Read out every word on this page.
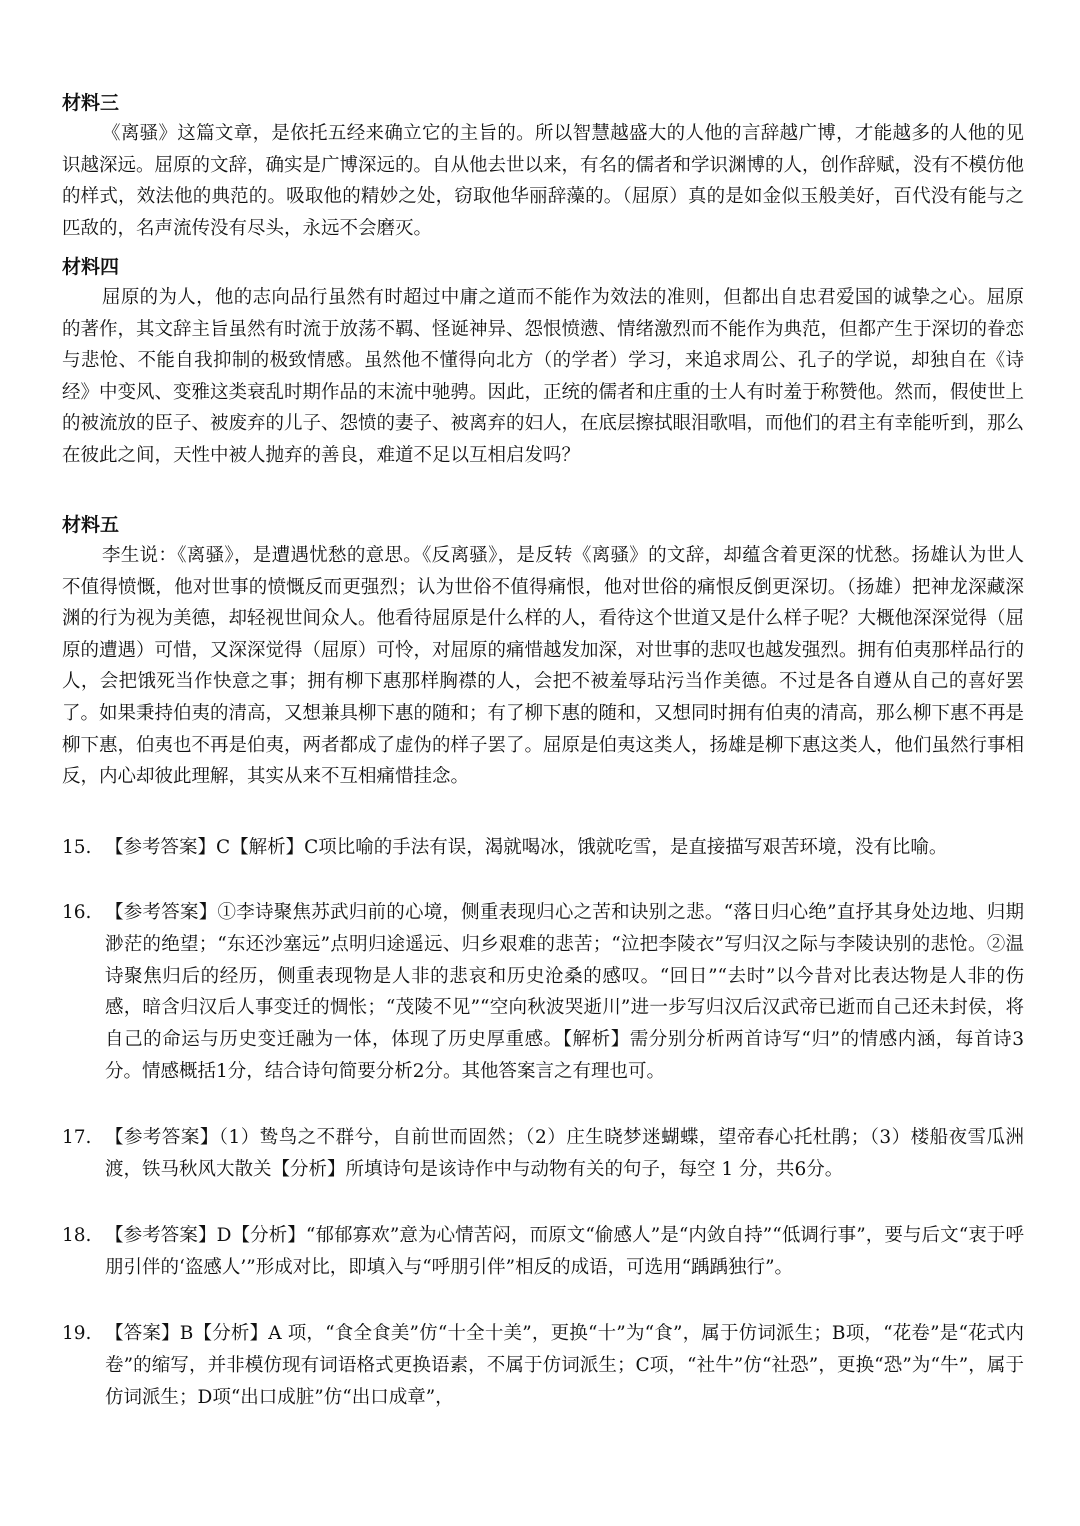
材料三

《离骚》这篇文章，是依托五经来确立它的主旨的。所以智慧越盛大的人他的言辞越广博，才能越多的人他的见识越深远。屈原的文辞，确实是广博深远的。自从他去世以来，有名的儒者和学识渊博的人，创作辞赋，没有不模仿他的样式，效法他的典范的。吸取他的精妙之处，窃取他华丽辞藻的。（屈原）真的是如金似玉般美好，百代没有能与之匹敌的，名声流传没有尽头，永远不会磨灭。

材料四

屈原的为人，他的志向品行虽然有时超过中庸之道而不能作为效法的准则，但都出自忠君爱国的诚挚之心。屈原的著作，其文辞主旨虽然有时流于放荡不羁、怪诞神异、怨恨愤懑、情绪激烈而不能作为典范，但都产生于深切的眷恋与悲怆、不能自我抑制的极致情感。虽然他不懂得向北方（的学者）学习，来追求周公、孔子的学说，却独自在《诗经》中变风、变雅这类衰乱时期作品的末流中驰骋。因此，正统的儒者和庄重的士人有时羞于称赞他。然而，假使世上的被流放的臣子、被废弃的儿子、怨愤的妻子、被离弃的妇人，在底层擦拭眼泪歌唱，而他们的君主有幸能听到，那么在彼此之间，天性中被人抛弃的善良，难道不足以互相启发吗？

材料五

李生说：《离骚》，是遭遇忧愁的意思。《反离骚》，是反转《离骚》的文辞，却蕴含着更深的忧愁。扬雄认为世人不值得愤慨，他对世事的愤慨反而更强烈；认为世俗不值得痛恨，他对世俗的痛恨反倒更深切。（扬雄）把神龙深藏深渊的行为视为美德，却轻视世间众人。他看待屈原是什么样的人，看待这个世道又是什么样子呢？大概他深深觉得（屈原的遭遇）可惜，又深深觉得（屈原）可怜，对屈原的痛惜越发加深，对世事的悲叹也越发强烈。拥有伯夷那样品行的人，会把饿死当作快意之事；拥有柳下惠那样胸襟的人，会把不被羞辱玷污当作美德。不过是各自遵从自己的喜好罢了。如果秉持伯夷的清高，又想兼具柳下惠的随和；有了柳下惠的随和，又想同时拥有伯夷的清高，那么柳下惠不再是柳下惠，伯夷也不再是伯夷，两者都成了虚伪的样子罢了。屈原是伯夷这类人，扬雄是柳下惠这类人，他们虽然行事相反，内心却彼此理解，其实从来不互相痛惜挂念。

15. 【参考答案】C【解析】C项比喻的手法有误，渴就喝冰，饿就吃雪，是直接描写艰苦环境，没有比喻。
16. 【参考答案】①李诗聚焦苏武归前的心境，侧重表现归心之苦和诀别之悲。“落日归心绝”直抒其身处边地、归期渺茫的绝望；“东还沙塞远”点明归途遥远、归乡艰难的悲苦；“泣把李陵衣”写归汉之际与李陵诀别的悲怆。②温诗聚焦归后的经历，侧重表现物是人非的悲哀和历史沧桑的感叹。“回日”“去时”以今昔对比表达物是人非的伤感，暗含归汉后人事变迁的惆怅；“茂陵不见”“空向秋波哭逝川”进一步写归汉后汉武帝已逝而自己还未封侯，将自己的命运与历史变迁融为一体，体现了历史厚重感。【解析】需分别分析两首诗写“归”的情感内涵，每首诗3分。情感概括1分，结合诗句简要分析2分。其他答案言之有理也可。
17. 【参考答案】（1）鸷鸟之不群兮，自前世而固然；（2）庄生晓梦迷蝴蝶，望帝春心托杜鹃；（3）楼船夜雪瓜洲渡，铁马秋风大散关【分析】所填诗句是该诗作中与动物有关的句子，每空 1 分，共6分。
18. 【参考答案】D【分析】“郁郁寡欢”意为心情苦闷，而原文“偷感人”是“内敛自持”“低调行事”，要与后文“衷于呼朋引伴的‘盗感人’”形成对比，即填入与“呼朋引伴”相反的成语，可选用“踽踽独行”。
19. 【答案】B【分析】A 项，“食全食美”仿“十全十美”，更换“十”为“食”，属于仿词派生；B项，“花卷”是“花式内卷”的缩写，并非模仿现有词语格式更换语素，不属于仿词派生；C项，“社牛”仿“社恐”，更换“恐”为“牛”，属于仿词派生；D项“出口成脏”仿“出口成章”，
